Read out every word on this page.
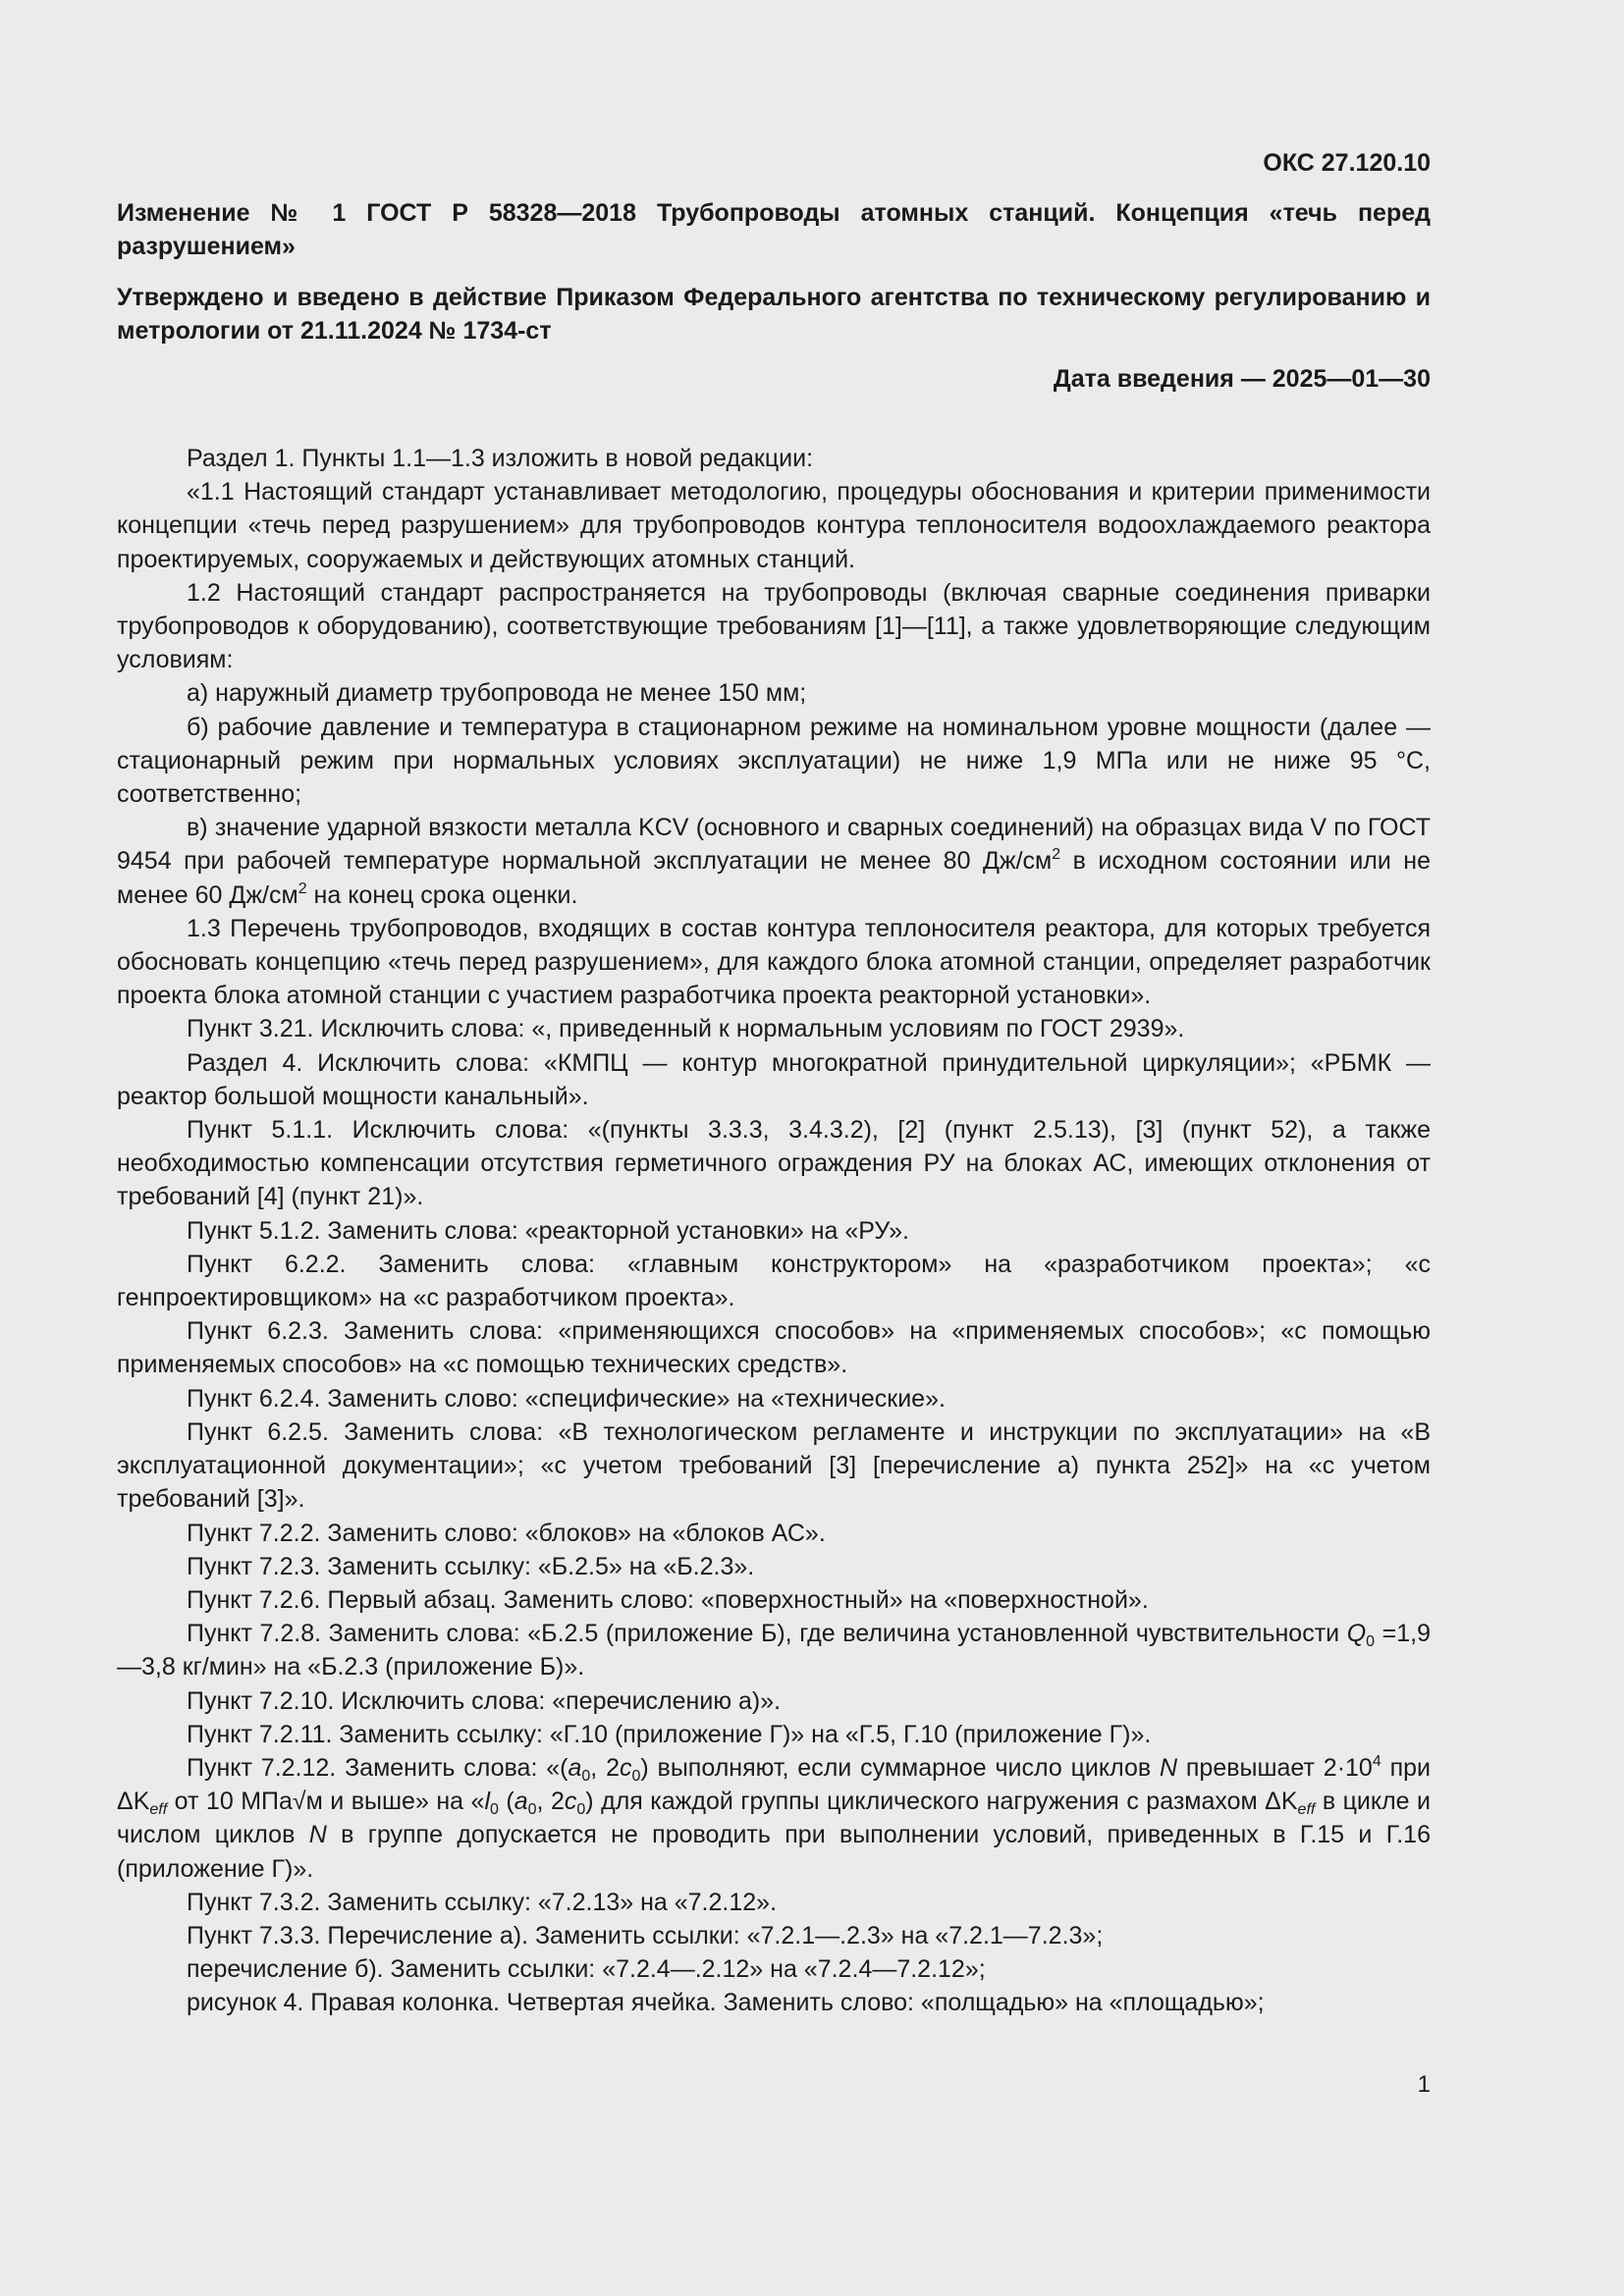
ОКС 27.120.10
Изменение № 1 ГОСТ Р 58328—2018 Трубопроводы атомных станций. Концепция «течь перед разрушением»
Утверждено и введено в действие Приказом Федерального агентства по техническому регулированию и метрологии от 21.11.2024 № 1734-ст
Дата введения — 2025—01—30

Раздел 1. Пункты 1.1—1.3 изложить в новой редакции:

«1.1 Настоящий стандарт устанавливает методологию, процедуры обоснования и критерии применимости концепции «течь перед разрушением» для трубопроводов контура теплоносителя водоохлаждаемого реактора проектируемых, сооружаемых и действующих атомных станций.

1.2 Настоящий стандарт распространяется на трубопроводы (включая сварные соединения приварки трубопроводов к оборудованию), соответствующие требованиям [1]—[11], а также удовлетворяющие следующим условиям:

а) наружный диаметр трубопровода не менее 150 мм;

б) рабочие давление и температура в стационарном режиме на номинальном уровне мощности (далее — стационарный режим при нормальных условиях эксплуатации) не ниже 1,9 МПа или не ниже 95 °С, соответственно;

в) значение ударной вязкости металла KCV (основного и сварных соединений) на образцах вида V по ГОСТ 9454 при рабочей температуре нормальной эксплуатации не менее 80 $Дж/см^2$ в исходном состоянии или не менее 60 $Дж/см^2$ на конец срока оценки.

1.3 Перечень трубопроводов, входящих в состав контура теплоносителя реактора, для которых требуется обосновать концепцию «течь перед разрушением», для каждого блока атомной станции, определяет разработчик проекта блока атомной станции с участием разработчика проекта реакторной установки».

Пункт 3.21. Исключить слова: «, приведенный к нормальным условиям по ГОСТ 2939».

Раздел 4. Исключить слова: «КМПЦ — контур многократной принудительной циркуляции»; «РБМК — реактор большой мощности канальный».

Пункт 5.1.1. Исключить слова: «(пункты 3.3.3, 3.4.3.2), [2] (пункт 2.5.13), [3] (пункт 52), а также необходимостью компенсации отсутствия герметичного ограждения РУ на блоках АС, имеющих отклонения от требований [4] (пункт 21)».

Пункт 5.1.2. Заменить слова: «реакторной установки» на «РУ».

Пункт 6.2.2. Заменить слова: «главным конструктором» на «разработчиком проекта»; «с генпроектировщиком» на «с разработчиком проекта».

Пункт 6.2.3. Заменить слова: «применяющихся способов» на «применяемых способов»; «с помощью применяемых способов» на «с помощью технических средств».

Пункт 6.2.4. Заменить слово: «специфические» на «технические».

Пункт 6.2.5. Заменить слова: «В технологическом регламенте и инструкции по эксплуатации» на «В эксплуатационной документации»; «с учетом требований [3] [перечисление а) пункта 252]» на «с учетом требований [3]».

Пункт 7.2.2. Заменить слово: «блоков» на «блоков АС».

Пункт 7.2.3. Заменить ссылку: «Б.2.5» на «Б.2.3».

Пункт 7.2.6. Первый абзац. Заменить слово: «поверхностный» на «поверхностной».

Пункт 7.2.8. Заменить слова: «Б.2.5 (приложение Б), где величина установленной чувствительности $Q_0$ =1,9—3,8 кг/мин» на «Б.2.3 (приложение Б)».

Пункт 7.2.10. Исключить слова: «перечислению а)».

Пункт 7.2.11. Заменить ссылку: «Г.10 (приложение Г)» на «Г.5, Г.10 (приложение Г)».

Пункт 7.2.12. Заменить слова: «($a_0$, $2c_0$) выполняют, если суммарное число циклов N превышает $2\cdot 10^4$ при $\Delta K_{eff}$ от 10 МПа√м и выше» на «$l_0$ ($a_0$, $2c_0$) для каждой группы циклического нагружения с размахом $\Delta K_{eff}$ в цикле и числом циклов N в группе допускается не проводить при выполнении условий, приведенных в Г.15 и Г.16 (приложение Г)».

Пункт 7.3.2. Заменить ссылку: «7.2.13» на «7.2.12».

Пункт 7.3.3. Перечисление а). Заменить ссылки: «7.2.1—.2.3» на «7.2.1—7.2.3»;

перечисление б). Заменить ссылки: «7.2.4—.2.12» на «7.2.4—7.2.12»;

рисунок 4. Правая колонка. Четвертая ячейка. Заменить слово: «полщадью» на «площадью»;

1
